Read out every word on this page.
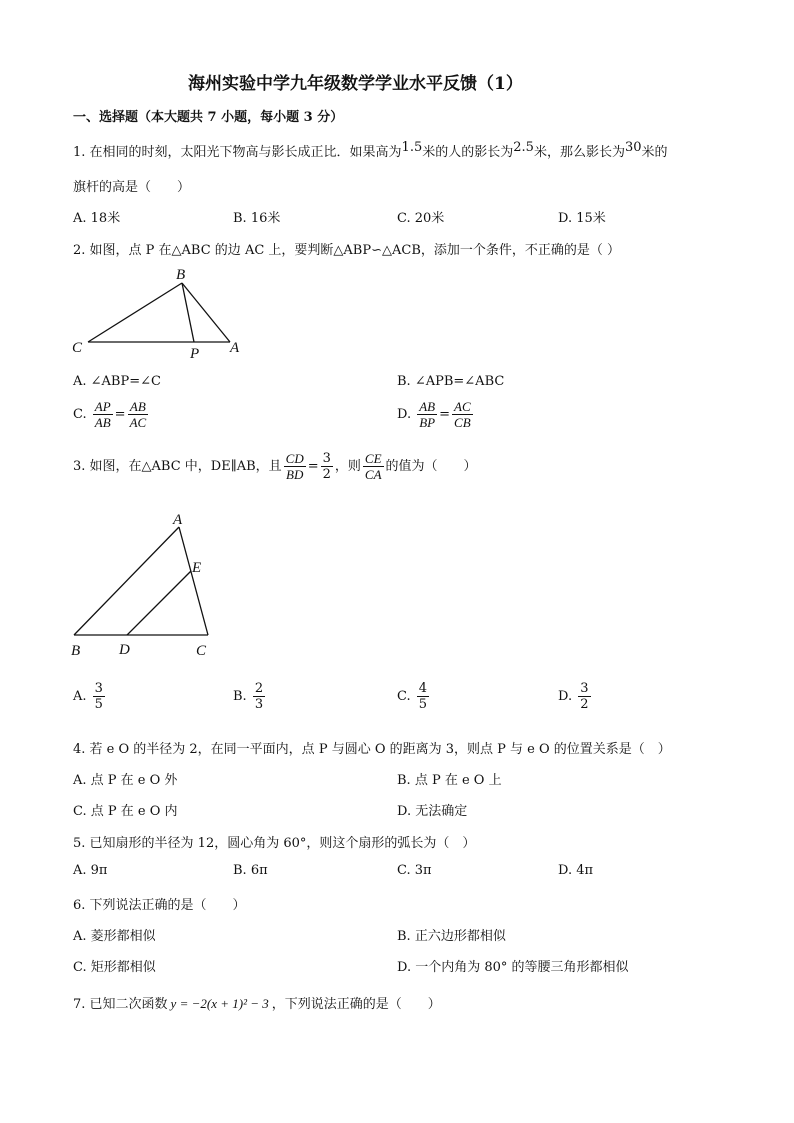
海州实验中学九年级数学学业水平反馈（1）
一、选择题（本大题共 7 小题，每小题 3 分）
1. 在相同的时刻，太阳光下物高与影长成正比．如果高为1.5米的人的影长为2.5米，那么影长为30米的
旗杆的高是（　　）
A. 18米	B. 16米	C. 20米	D. 15米
2. 如图，点 P 在△ABC 的边 AC 上，要判断△ABP∽△ACB，添加一个条件，不正确的是（ ）
B
C	P A
A. ∠ABP=∠C	B. ∠APB=∠ABC
C. $\frac{AP}{AB} = \frac{AB}{AC}$	D. $\frac{AB}{BP} = \frac{AC}{CB}$
3. 如图，在△ABC 中，DE∥AB，且 $\frac{CD}{BD} = \frac{3}{2}$ ，则 $\frac{CE}{CA}$ 的值为（　　）
A
E
B	D	C
A. $\frac{3}{5}$	B. $\frac{2}{3}$	C. $\frac{4}{5}$	D. $\frac{3}{2}$
4. 若 e O 的半径为 2，在同一平面内，点 P 与圆心 O 的距离为 3，则点 P 与 e O 的位置关系是（　）
A. 点 P 在 e O 外	B. 点 P 在 e O 上
C. 点 P 在 e O 内	D. 无法确定
5. 已知扇形的半径为 12，圆心角为 60°，则这个扇形的弧长为（　）
A. 9π	B. 6π	C. 3π	D. 4π
6. 下列说法正确的是（　　）
A. 菱形都相似	B. 正六边形都相似
C. 矩形都相似	D. 一个内角为 80° 的等腰三角形都相似
7. 已知二次函数 y = −2(x + 1)² − 3 ，下列说法正确的是（　　）
